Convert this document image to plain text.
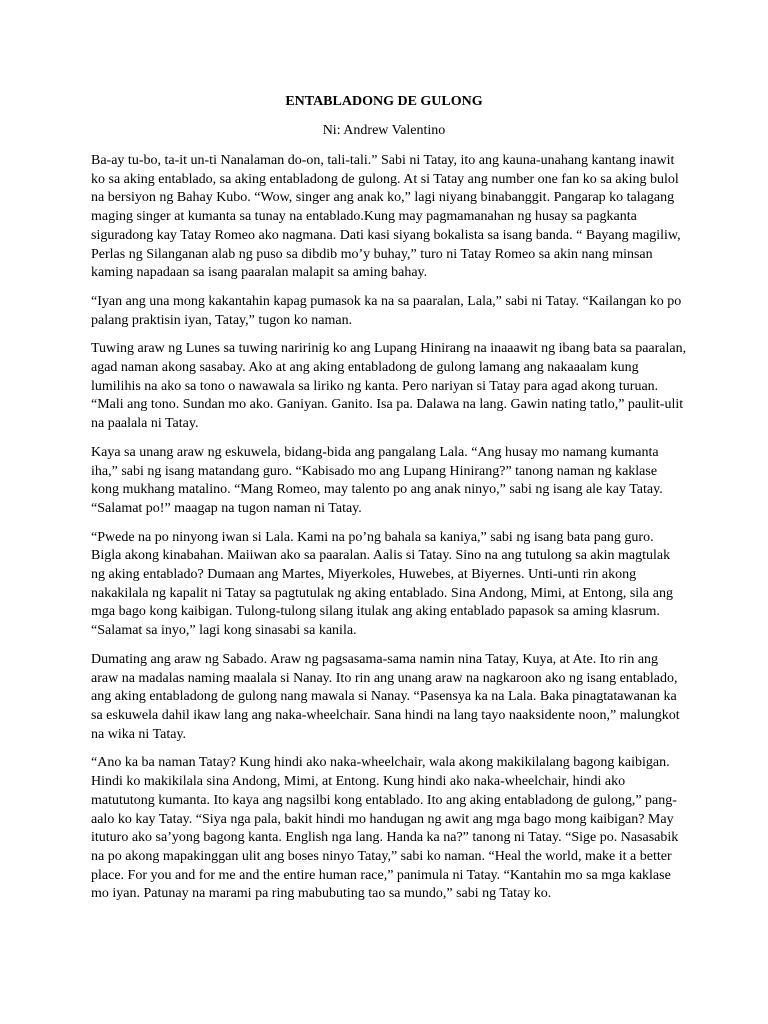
ENTABLADONG DE GULONG
Ni: Andrew Valentino

Ba-ay tu-bo, ta-it un-ti Nanalaman do-on, tali-tali.” Sabi ni Tatay, ito ang kauna-unahang kantang inawit
ko sa aking entablado, sa aking entabladong de gulong. At si Tatay ang number one fan ko sa aking bulol
na bersiyon ng Bahay Kubo. “Wow, singer ang anak ko,” lagi niyang binabanggit. Pangarap ko talagang
maging singer at kumanta sa tunay na entablado.Kung may pagmamanahan ng husay sa pagkanta
siguradong kay Tatay Romeo ako nagmana. Dati kasi siyang bokalista sa isang banda. “ Bayang magiliw,
Perlas ng Silanganan alab ng puso sa dibdib mo’y buhay,” turo ni Tatay Romeo sa akin nang minsan
kaming napadaan sa isang paaralan malapit sa aming bahay.

“Iyan ang una mong kakantahin kapag pumasok ka na sa paaralan, Lala,” sabi ni Tatay. “Kailangan ko po
palang praktisin iyan, Tatay,” tugon ko naman.

Tuwing araw ng Lunes sa tuwing naririnig ko ang Lupang Hinirang na inaaawit ng ibang bata sa paaralan,
agad naman akong sasabay. Ako at ang aking entabladong de gulong lamang ang nakaaalam kung
lumilihis na ako sa tono o nawawala sa liriko ng kanta. Pero nariyan si Tatay para agad akong turuan.
“Mali ang tono. Sundan mo ako. Ganiyan. Ganito. Isa pa. Dalawa na lang. Gawin nating tatlo,” paulit-ulit
na paalala ni Tatay.

Kaya sa unang araw ng eskuwela, bidang-bida ang pangalang Lala. “Ang husay mo namang kumanta
iha,” sabi ng isang matandang guro. “Kabisado mo ang Lupang Hinirang?” tanong naman ng kaklase
kong mukhang matalino. “Mang Romeo, may talento po ang anak ninyo,” sabi ng isang ale kay Tatay.
“Salamat po!” maagap na tugon naman ni Tatay.

“Pwede na po ninyong iwan si Lala. Kami na po’ng bahala sa kaniya,” sabi ng isang bata pang guro.
Bigla akong kinabahan. Maiiwan ako sa paaralan. Aalis si Tatay. Sino na ang tutulong sa akin magtulak
ng aking entablado? Dumaan ang Martes, Miyerkoles, Huwebes, at Biyernes. Unti-unti rin akong
nakakilala ng kapalit ni Tatay sa pagtutulak ng aking entablado. Sina Andong, Mimi, at Entong, sila ang
mga bago kong kaibigan. Tulong-tulong silang itulak ang aking entablado papasok sa aming klasrum.
“Salamat sa inyo,” lagi kong sinasabi sa kanila.

Dumating ang araw ng Sabado. Araw ng pagsasama-sama namin nina Tatay, Kuya, at Ate. Ito rin ang
araw na madalas naming maalala si Nanay. Ito rin ang unang araw na nagkaroon ako ng isang entablado,
ang aking entabladong de gulong nang mawala si Nanay. “Pasensya ka na Lala. Baka pinagtatawanan ka
sa eskuwela dahil ikaw lang ang naka-wheelchair. Sana hindi na lang tayo naaksidente noon,” malungkot
na wika ni Tatay.

“Ano ka ba naman Tatay? Kung hindi ako naka-wheelchair, wala akong makikilalang bagong kaibigan.
Hindi ko makikilala sina Andong, Mimi, at Entong. Kung hindi ako naka-wheelchair, hindi ako
matututong kumanta. Ito kaya ang nagsilbi kong entablado. Ito ang aking entabladong de gulong,” pang-
aalo ko kay Tatay. “Siya nga pala, bakit hindi mo handugan ng awit ang mga bago mong kaibigan? May
ituturo ako sa’yong bagong kanta. English nga lang. Handa ka na?” tanong ni Tatay. “Sige po. Nasasabik
na po akong mapakinggan ulit ang boses ninyo Tatay,” sabi ko naman. “Heal the world, make it a better
place. For you and for me and the entire human race,” panimula ni Tatay. “Kantahin mo sa mga kaklase
mo iyan. Patunay na marami pa ring mabubuting tao sa mundo,” sabi ng Tatay ko.
